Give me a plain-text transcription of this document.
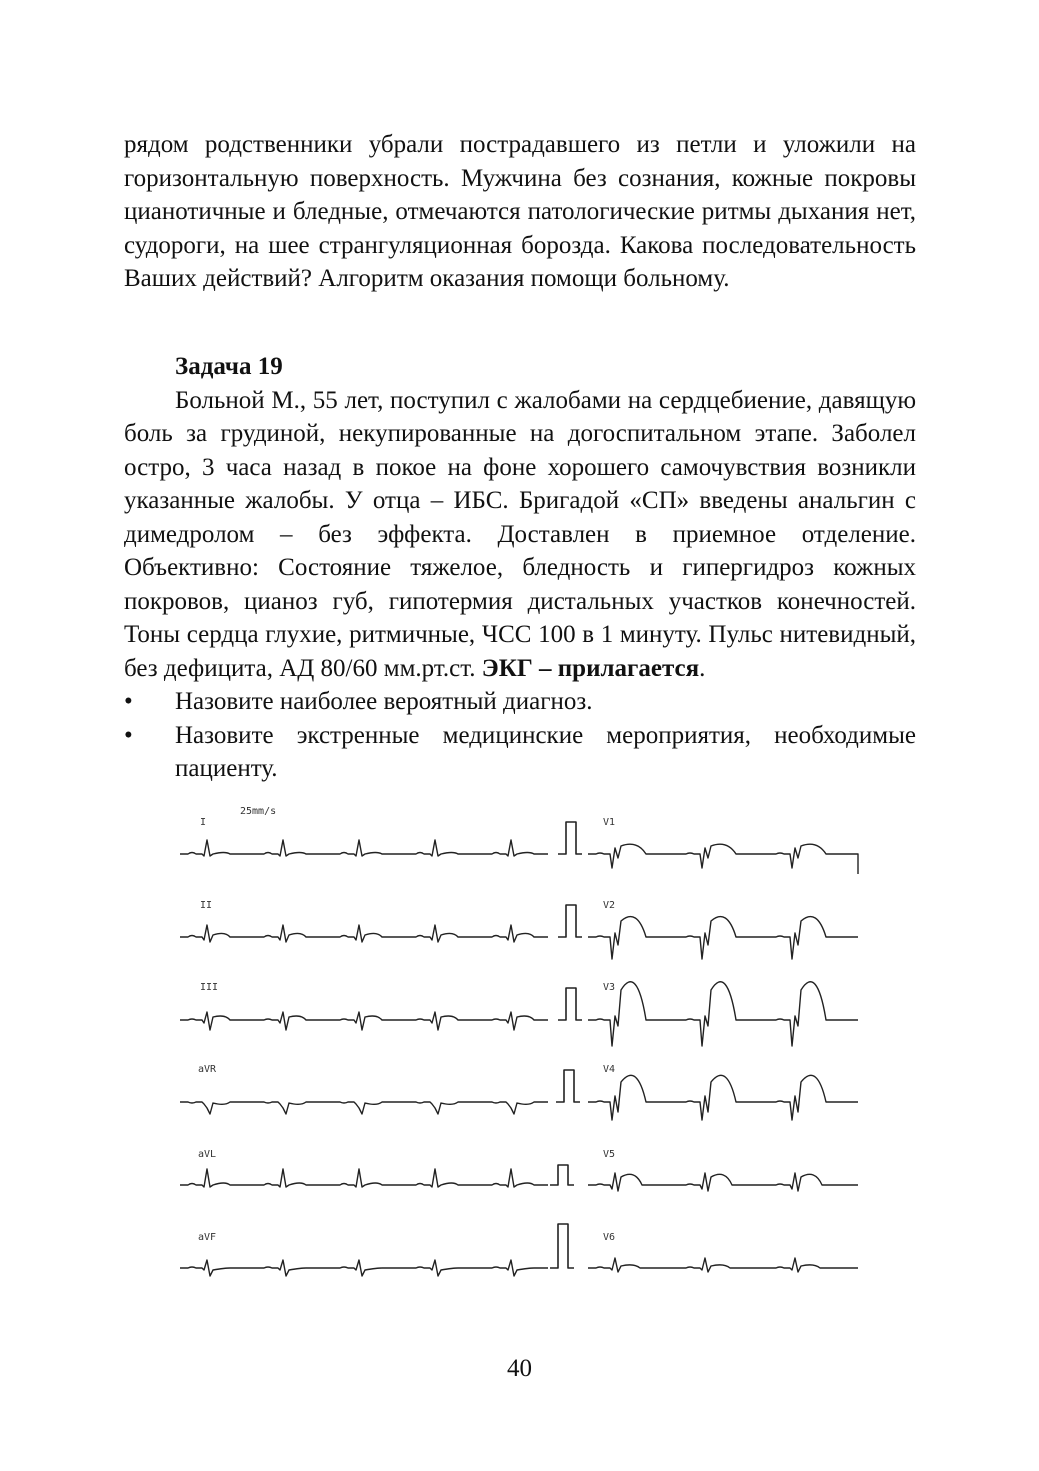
рядом родственники убрали пострадавшего из петли и уложили на горизонтальную поверхность. Мужчина без сознания, кожные покровы цианотичные и бледные, отмечаются патологические ритмы дыхания нет, судороги, на шее странгуляционная борозда. Какова последовательность Ваших действий? Алгоритм оказания помощи больному.

Задача 19

Больной М., 55 лет, поступил с жалобами на сердцебиение, давящую боль за грудиной, некупированные на догоспитальном этапе. Заболел остро, 3 часа назад в покое на фоне хорошего самочувствия возникли указанные жалобы. У отца – ИБС. Бригадой «СП» введены анальгин с димедролом – без эффекта. Доставлен в приемное отделение. Объективно: Состояние тяжелое, бледность и гипергидроз кожных покровов, цианоз губ, гипотермия дистальных участков конечностей. Тоны сердца глухие, ритмичные, ЧСС 100 в 1 минуту. Пульс нитевидный, без дефицита, АД 80/60 мм.рт.ст. ЭКГ – прилагается.

• Назовите наиболее вероятный диагноз.
• Назовите экстренные медицинские мероприятия, необходимые пациенту.
25mm/s
I
II
III
aVR
aVL
aVF
V1
V2
V3
V4
V5
V6
40
